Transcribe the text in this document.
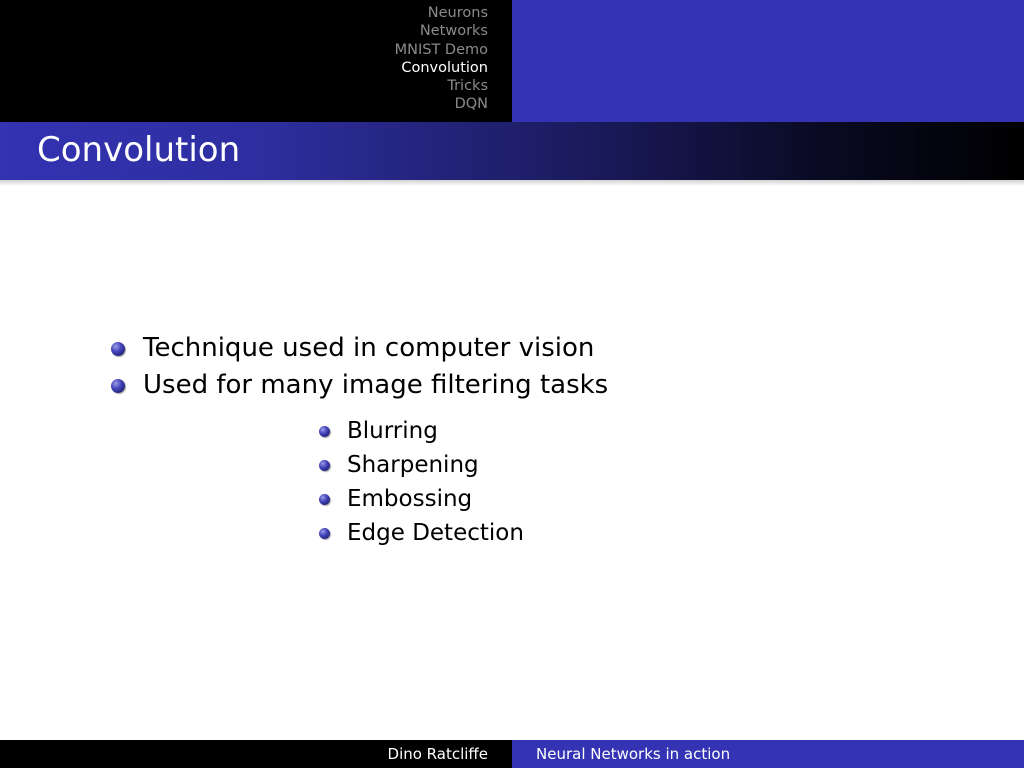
Neurons
Networks
MNIST Demo
Convolution
Tricks
DQN
Convolution
Technique used in computer vision
Used for many image filtering tasks
Blurring
Sharpening
Embossing
Edge Detection
Dino Ratcliffe	Neural Networks in action
